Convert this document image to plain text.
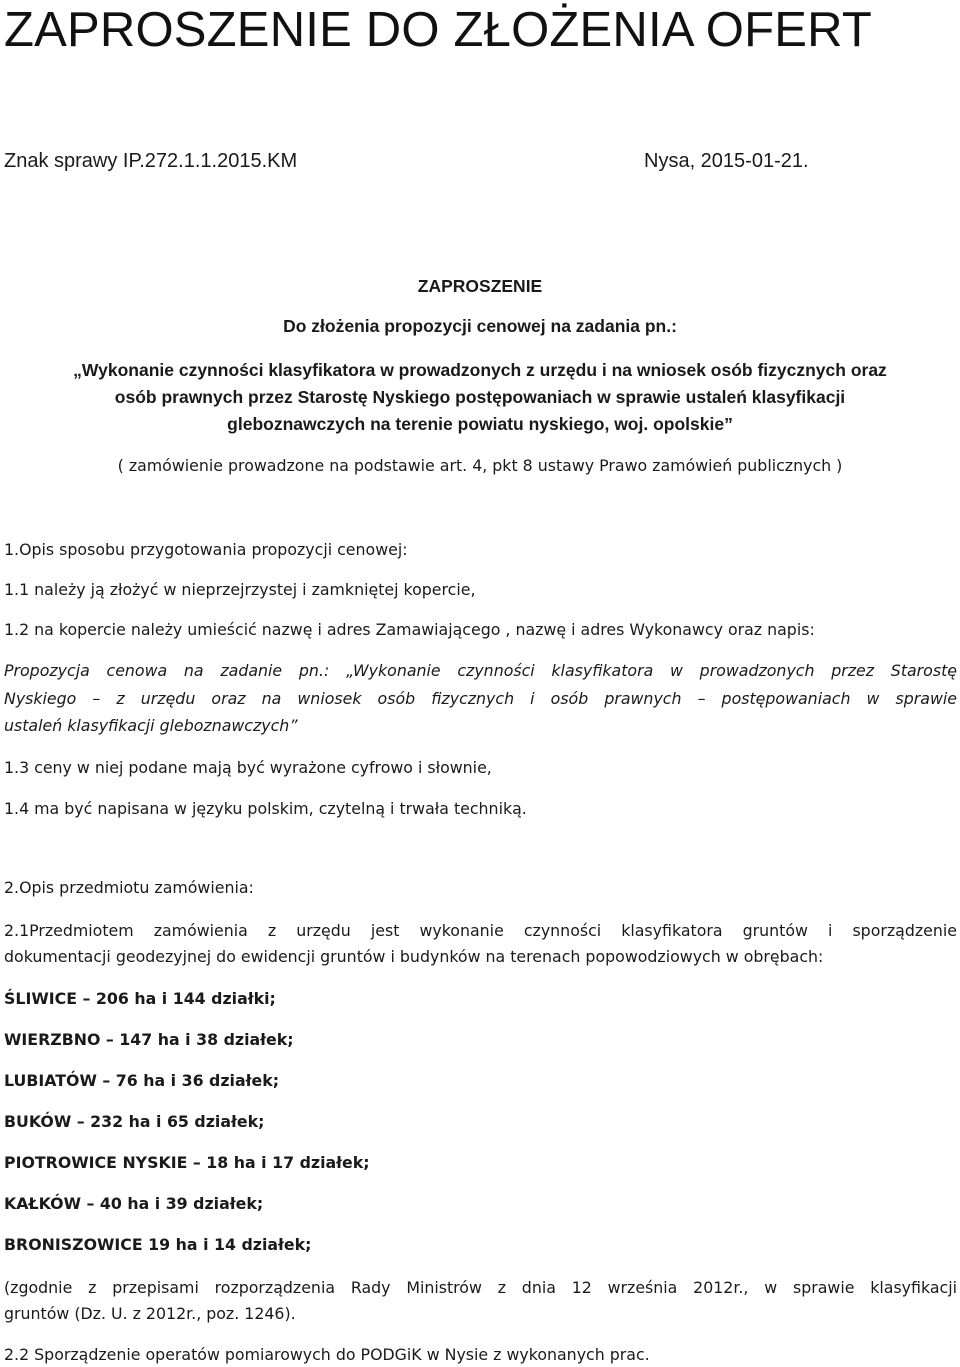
ZAPROSZENIE DO ZŁOŻENIA OFERT
Znak sprawy IP.272.1.1.2015.KM	Nysa, 2015-01-21.
ZAPROSZENIE
Do złożenia propozycji cenowej na zadania pn.:
„Wykonanie czynności klasyfikatora w prowadzonych z urzędu i na wniosek osób fizycznych oraz
osób prawnych przez Starostę Nyskiego postępowaniach w sprawie ustaleń klasyfikacji
gleboznawczych na terenie powiatu nyskiego, woj. opolskie”
( zamówienie prowadzone na podstawie art. 4, pkt 8 ustawy Prawo zamówień publicznych )
1.Opis sposobu przygotowania propozycji cenowej:
1.1 należy ją złożyć w nieprzejrzystej i zamkniętej kopercie,
1.2 na kopercie należy umieścić nazwę i adres Zamawiającego , nazwę i adres Wykonawcy oraz napis:
Propozycja cenowa na zadanie pn.: „Wykonanie czynności klasyfikatora w prowadzonych przez Starostę
Nyskiego – z urzędu oraz na wniosek osób fizycznych i osób prawnych – postępowaniach w sprawie
ustaleń klasyfikacji gleboznawczych”
1.3 ceny w niej podane mają być wyrażone cyfrowo i słownie,
1.4 ma być napisana w języku polskim, czytelną i trwała techniką.
2.Opis przedmiotu zamówienia:
2.1Przedmiotem zamówienia z urzędu jest wykonanie czynności klasyfikatora gruntów i sporządzenie
dokumentacji geodezyjnej do ewidencji gruntów i budynków na terenach popowodziowych w obrębach:
ŚLIWICE – 206 ha i 144 działki;
WIERZBNO – 147 ha i 38 działek;
LUBIATÓW – 76 ha i 36 działek;
BUKÓW – 232 ha i 65 działek;
PIOTROWICE NYSKIE – 18 ha i 17 działek;
KAŁKÓW – 40 ha i 39 działek;
BRONISZOWICE 19 ha i 14 działek;
(zgodnie z przepisami rozporządzenia Rady Ministrów z dnia 12 września 2012r., w sprawie klasyfikacji
gruntów (Dz. U. z 2012r., poz. 1246).
2.2 Sporządzenie operatów pomiarowych do PODGiK w Nysie z wykonanych prac.
